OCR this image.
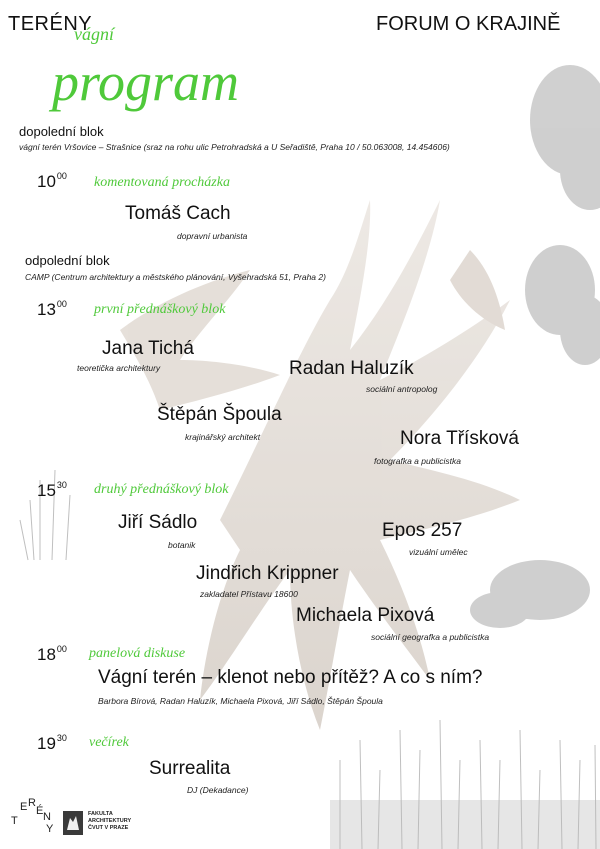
TERÉNY
vágní	FORUM O KRAJINĚ
program
dopolední blok
vágní terén Vršovice – Strašnice (sraz na rohu ulic Petrohradská a U Seřadiště, Praha 10 / 50.063008, 14.454606)
$10^{00}$ komentovaná procházka
Tomáš Cach
dopravní urbanista
odpolední blok
CAMP (Centrum architektury a městského plánování, Vyšehradská 51, Praha 2)
$13^{00}$ první přednáškový blok
Jana Tichá
teoretička architektury	Radan Haluzík
sociální antropolog
Štěpán Špoula
krajinářský architekt	Nora Třísková
fotografka a publicistka
$15^{30}$ druhý přednáškový blok
Jiří Sádlo
botanik
Epos 257
vizuální umělec
Jindřich Krippner
zakladatel Přístavu 18600
Michaela Pixová
sociální geografka a publicistka
$18^{00}$ panelová diskuse
Vágní terén – klenot nebo přítěž? A co s ním?
Barbora Bírová, Radan Haluzík, Michaela Pixová, Jiří Sádlo, Štěpán Špoula
$19^{30}$ večírek
Surrealita
DJ (Dekadance)
T
E R
É N
Y
FAKULTA
ARCHITEKTURY
ČVUT V PRAZE
